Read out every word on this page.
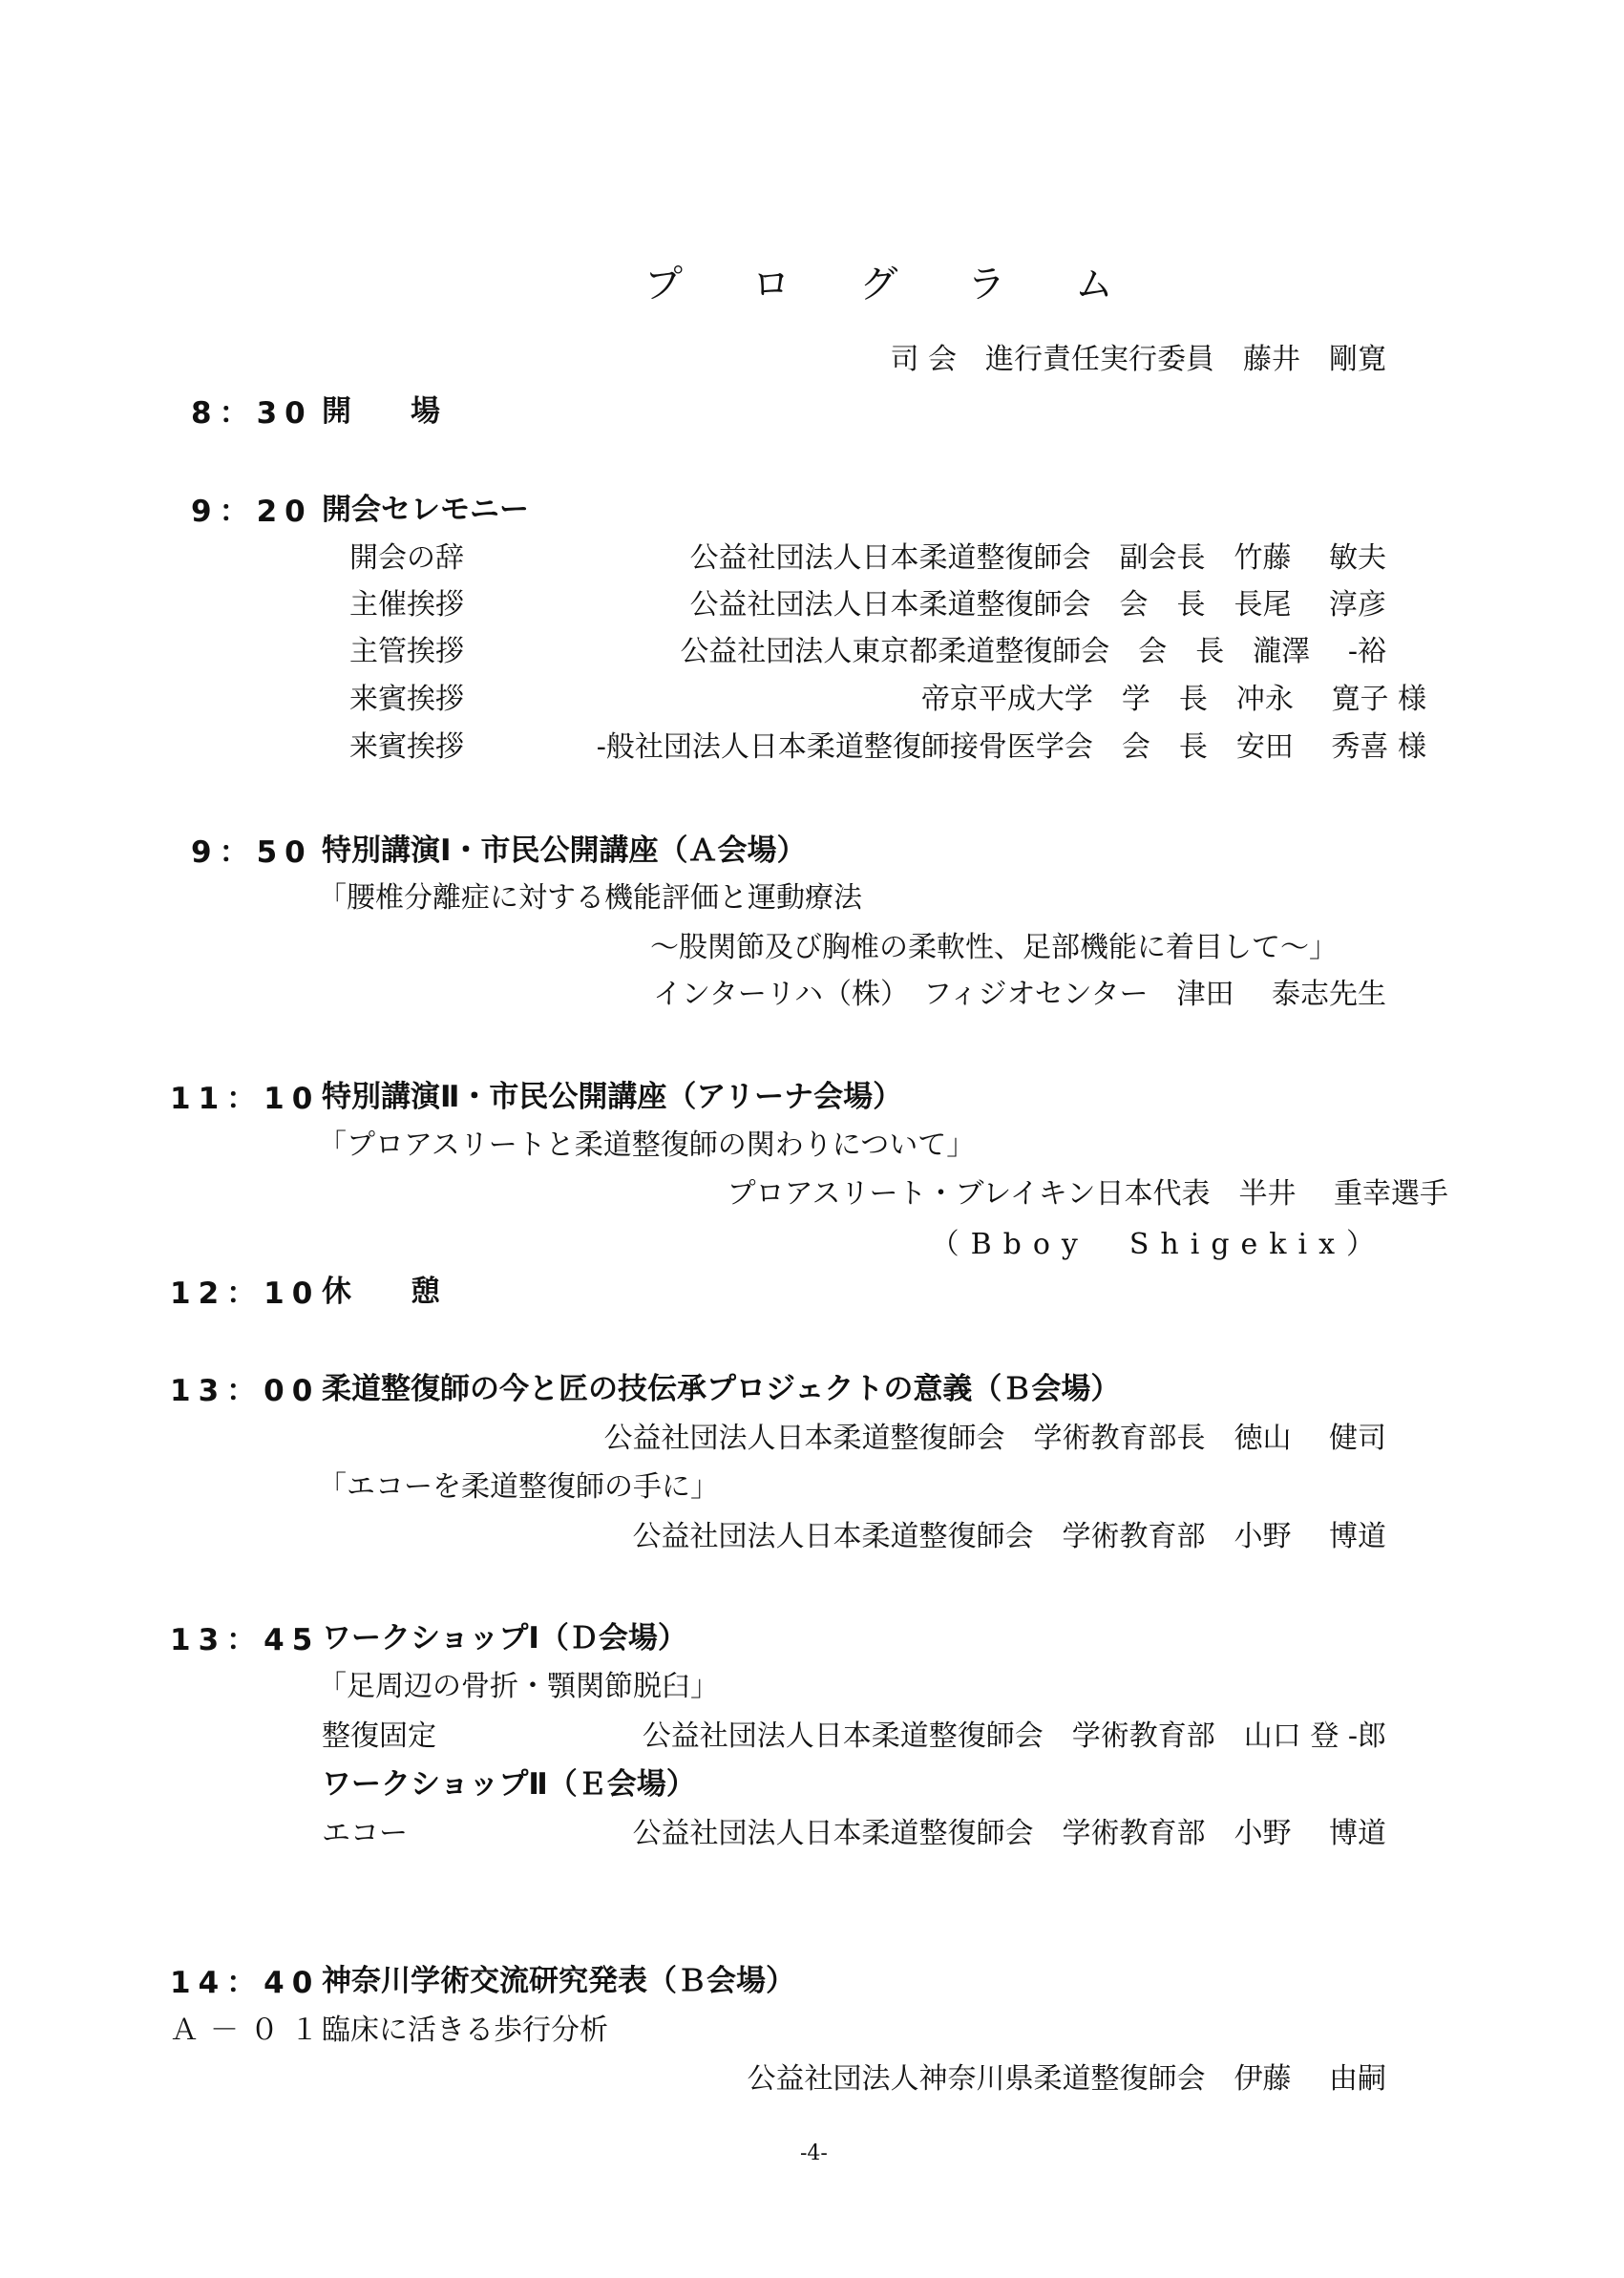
プ ロ グ ラ ム
司 会　進行責任実行委員　藤井　剛寛
8：30 開　　場
9：20 開会セレモニー
開会の辞	公益社団法人日本柔道整復師会　副会長　竹藤　 敏夫
主催挨拶	公益社団法人日本柔道整復師会　会　長　長尾　 淳彦
主管挨拶	公益社団法人東京都柔道整復師会　会　長　瀧澤　 -裕
来賓挨拶	帝京平成大学　学　長　冲永　 寛子 様
来賓挨拶	-般社団法人日本柔道整復師接骨医学会　会　長　安田　 秀喜 様
9：50 特別講演Ⅰ・市民公開講座（Ａ会場）
「腰椎分離症に対する機能評価と運動療法
～股関節及び胸椎の柔軟性、足部機能に着目して～」
インターリハ（株）　フィジオセンター　津田　 泰志先生
11：10 特別講演Ⅱ・市民公開講座（アリーナ会場）
「プロアスリートと柔道整復師の関わりについて」
プロアスリート・ブレイキン日本代表　半井　 重幸選手
（Bboy　Shigekix）
12：10 休　　憩
13：00 柔道整復師の今と匠の技伝承プロジェクトの意義（Ｂ会場）
公益社団法人日本柔道整復師会　学術教育部長　徳山　 健司
「エコーを柔道整復師の手に」
公益社団法人日本柔道整復師会　学術教育部　小野　 博道
13：45 ワークショップⅠ（Ｄ会場）
「足周辺の骨折・顎関節脱臼」
整復固定	公益社団法人日本柔道整復師会　学術教育部　山口 登 -郎
ワークショップⅡ（Ｅ会場）
エコー	公益社団法人日本柔道整復師会　学術教育部　小野　 博道
14：40 神奈川学術交流研究発表（Ｂ会場）
Ａ－０１
臨床に活きる歩行分析
公益社団法人神奈川県柔道整復師会　伊藤　 由嗣
-4-
